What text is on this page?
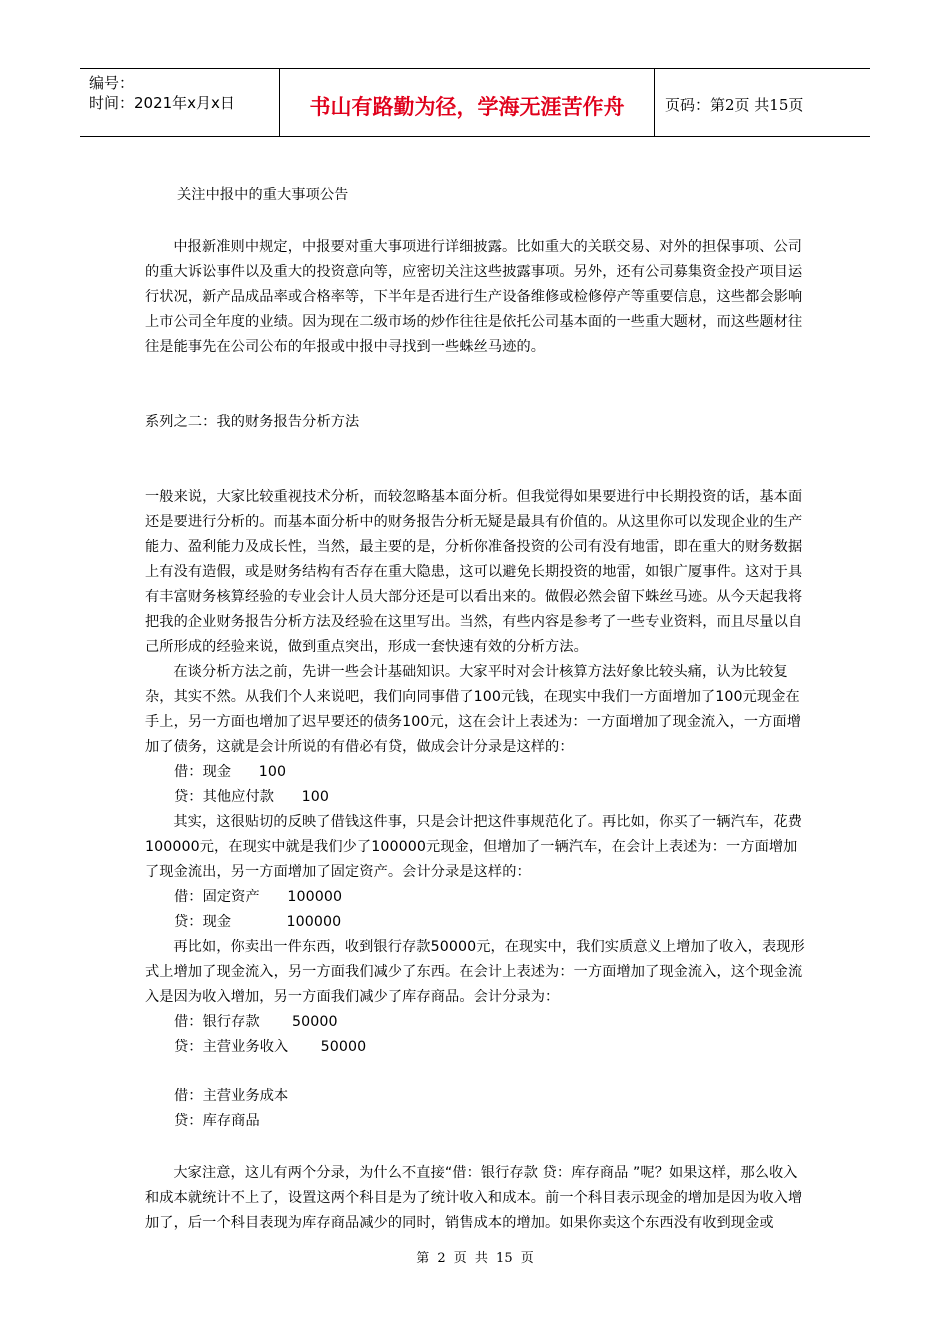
编号：
时间：2021年x月x日	书山有路勤为径，学海无涯苦作舟	页码：第2页 共15页

关注中报中的重大事项公告

中报新准则中规定，中报要对重大事项进行详细披露。比如重大的关联交易、对外的担保事项、公司的重大诉讼事件以及重大的投资意向等，应密切关注这些披露事项。另外，还有公司募集资金投产项目运行状况，新产品成品率或合格率等，下半年是否进行生产设备维修或检修停产等重要信息，这些都会影响上市公司全年度的业绩。因为现在二级市场的炒作往往是依托公司基本面的一些重大题材，而这些题材往往是能事先在公司公布的年报或中报中寻找到一些蛛丝马迹的。

系列之二：我的财务报告分析方法

一般来说，大家比较重视技术分析，而较忽略基本面分析。但我觉得如果要进行中长期投资的话，基本面还是要进行分析的。而基本面分析中的财务报告分析无疑是最具有价值的。从这里你可以发现企业的生产能力、盈利能力及成长性，当然，最主要的是，分析你准备投资的公司有没有地雷，即在重大的财务数据上有没有造假，或是财务结构有否存在重大隐患，这可以避免长期投资的地雷，如银广厦事件。这对于具有丰富财务核算经验的专业会计人员大部分还是可以看出来的。做假必然会留下蛛丝马迹。从今天起我将把我的企业财务报告分析方法及经验在这里写出。当然，有些内容是参考了一些专业资料，而且尽量以自己所形成的经验来说，做到重点突出，形成一套快速有效的分析方法。

在谈分析方法之前，先讲一些会计基础知识。大家平时对会计核算方法好象比较头痛，认为比较复杂，其实不然。从我们个人来说吧，我们向同事借了100元钱，在现实中我们一方面增加了100元现金在手上，另一方面也增加了迟早要还的债务100元，这在会计上表述为：一方面增加了现金流入，一方面增加了债务，这就是会计所说的有借必有贷，做成会计分录是这样的：

借：现金      100

贷：其他应付款      100

其实，这很贴切的反映了借钱这件事，只是会计把这件事规范化了。再比如，你买了一辆汽车，花费100000元，在现实中就是我们少了100000元现金，但增加了一辆汽车，在会计上表述为：一方面增加了现金流出，另一方面增加了固定资产。会计分录是这样的：

借：固定资产      100000

贷：现金            100000

再比如，你卖出一件东西，收到银行存款50000元，在现实中，我们实质意义上增加了收入，表现形式上增加了现金流入，另一方面我们减少了东西。在会计上表述为：一方面增加了现金流入，这个现金流入是因为收入增加，另一方面我们减少了库存商品。会计分录为：

借：银行存款       50000

贷：主营业务收入       50000

借：主营业务成本

贷：库存商品

大家注意，这儿有两个分录，为什么不直接“借：银行存款 贷：库存商品 ”呢？如果这样，那么收入和成本就统计不上了，设置这两个科目是为了统计收入和成本。前一个科目表示现金的增加是因为收入增加了，后一个科目表现为库存商品减少的同时，销售成本的增加。如果你卖这个东西没有收到现金或

第 2 页 共 15 页
